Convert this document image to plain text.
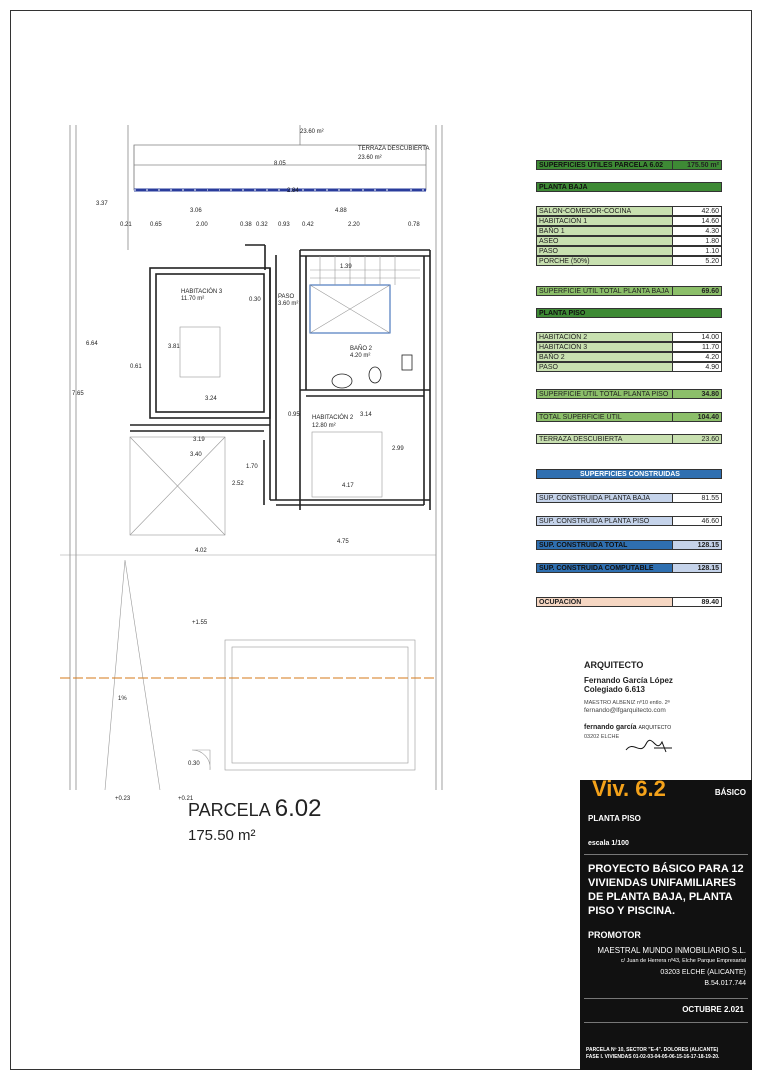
23.60 m²
TERRAZA DESCUBIERTA
23.60 m²
8.05
3.37
3.06	4.88
0.21	0.65	2.00	0.38 0.32 0.93 0.42	2.20	0.78
1.39
2.84
6.64
7.65
0.61
3.81
3.24
3.19
3.40
3.14
2.99
4.17
4.02
4.75
2.52
1.70
0.95
0.30
+1.55
1%
+0.23	+0.21
0.30
HABITACIÓN 3
11.70 m²	PASO
3.60 m²
BAÑO 2
4.20 m²
HABITACIÓN 2
12.80 m²
PARCELA 6.02
175.50 m²
SUPERFICIES ÚTILES PARCELA 6.02	175.50 m²
PLANTA BAJA
SALON-COMEDOR-COCINA	42.60
HABITACIÓN 1	14.60
BAÑO 1	4.30
ASEO	1.80
PASO	1.10
PORCHE (50%)	5.20
SUPERFICIE ÚTIL TOTAL PLANTA BAJA	69.60
PLANTA PISO
HABITACIÓN 2	14.00
HABITACIÓN 3	11.70
BAÑO 2	4.20
PASO	4.90
SUPERFICIE ÚTIL TOTAL PLANTA PISO	34.80
TOTAL SUPERFICIE ÚTIL	104.40
TERRAZA DESCUBIERTA	23.60
SUPERFICIES CONSTRUIDAS
SUP. CONSTRUIDA PLANTA BAJA	81.55
SUP. CONSTRUIDA PLANTA PISO	46.60
SUP. CONSTRUIDA TOTAL	128.15
SUP. CONSTRUIDA COMPUTABLE	128.15
OCUPACIÓN	89.40
ARQUITECTO
Fernando García López
Colegiado 6.613
MAESTRO ALBENIZ nº10 entlo. 2ª
fernando@lfgarquitecto.com
fernando garcía ARQUITECTO
03202 ELCHE
Viv. 6.2	BÁSICO
PLANTA PISO
escala 1/100
PROYECTO BÁSICO PARA 12
VIVIENDAS UNIFAMILIARES
DE PLANTA BAJA, PLANTA
PISO Y PISCINA.
PROMOTOR
MAESTRAL MUNDO INMOBILIARIO S.L.
c/ Juan de Herrera nº43, Elche Parque Empresarial
03203 ELCHE (ALICANTE)
B.54.017.744
OCTUBRE 2.021
PARCELA Nº 10, SECTOR "E-4". DOLORES (ALICANTE)
FASE I. VIVIENDAS 01-02-03-04-05-06-15-16-17-18-19-20.
